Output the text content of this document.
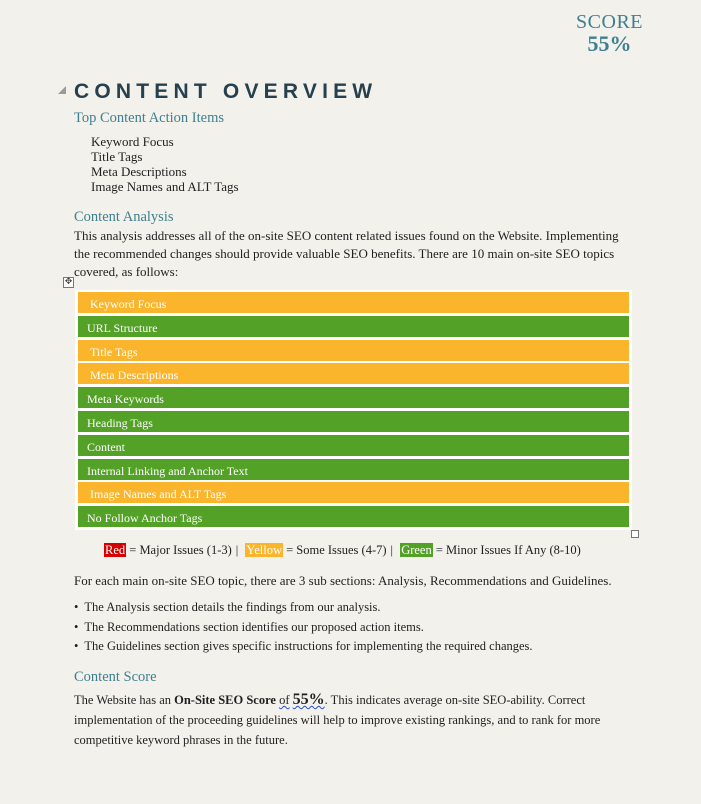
SCORE
55%
CONTENT OVERVIEW
Top Content Action Items
Keyword Focus
Title Tags
Meta Descriptions
Image Names and ALT Tags
Content Analysis

This analysis addresses all of the on-site SEO content related issues found on the Website. Implementing the recommended changes should provide valuable SEO benefits. There are 10 main on-site SEO topics covered, as follows:

✥
Keyword Focus
URL Structure
Title Tags
Meta Descriptions
Meta Keywords
Heading Tags
Content
Internal Linking and Anchor Text
Image Names and ALT Tags
No Follow Anchor Tags
Red = Major Issues (1-3) | Yellow = Some Issues (4-7) | Green = Minor Issues If Any (8-10)

For each main on-site SEO topic, there are 3 sub sections: Analysis, Recommendations and Guidelines.

• The Analysis section details the findings from our analysis.
• The Recommendations section identifies our proposed action items.
• The Guidelines section gives specific instructions for implementing the required changes.
Content Score

The Website has an On-Site SEO Score of 55%. This indicates average on-site SEO-ability. Correct implementation of the proceeding guidelines will help to improve existing rankings, and to rank for more competitive keyword phrases in the future.
